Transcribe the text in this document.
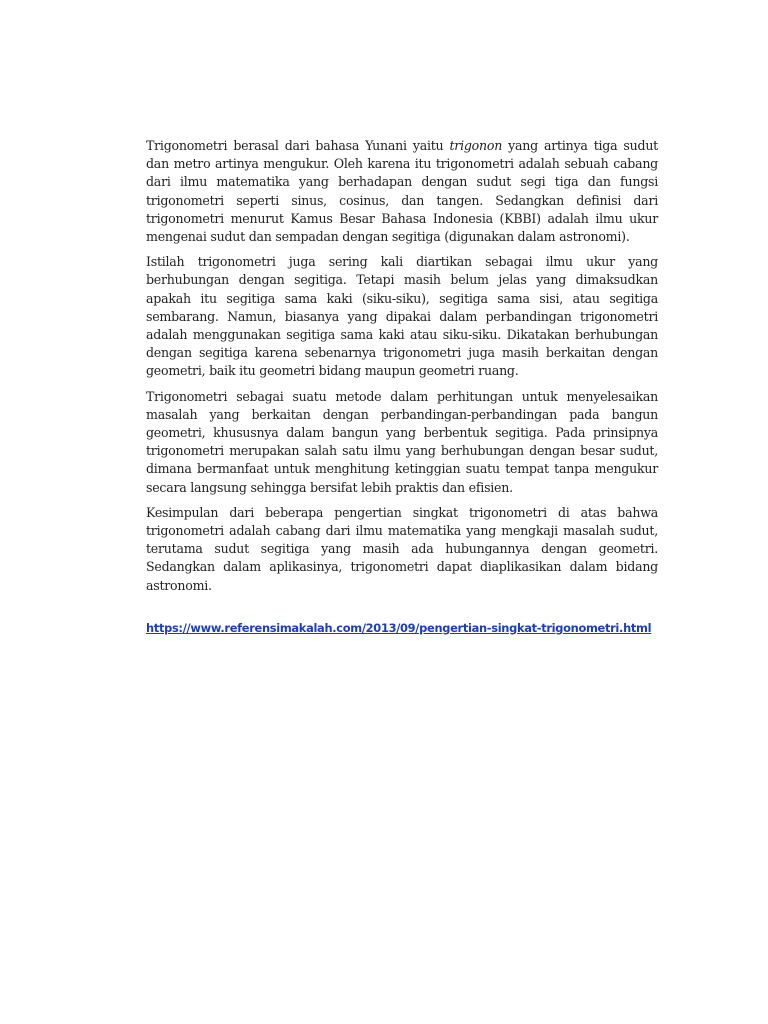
Trigonometri berasal dari bahasa Yunani yaitu trigonon yang artinya tiga sudut dan metro artinya mengukur. Oleh karena itu trigonometri adalah sebuah cabang dari ilmu matematika yang berhadapan dengan sudut segi tiga dan fungsi trigonometri seperti sinus, cosinus, dan tangen. Sedangkan definisi dari trigonometri menurut Kamus Besar Bahasa Indonesia (KBBI) adalah ilmu ukur mengenai sudut dan sempadan dengan segitiga (digunakan dalam astronomi).

Istilah trigonometri juga sering kali diartikan sebagai ilmu ukur yang berhubungan dengan segitiga. Tetapi masih belum jelas yang dimaksudkan apakah itu segitiga sama kaki (siku-siku), segitiga sama sisi, atau segitiga sembarang. Namun, biasanya yang dipakai dalam perbandingan trigonometri adalah menggunakan segitiga sama kaki atau siku-siku. Dikatakan berhubungan dengan segitiga karena sebenarnya trigonometri juga masih berkaitan dengan geometri, baik itu geometri bidang maupun geometri ruang.

Trigonometri sebagai suatu metode dalam perhitungan untuk menyelesaikan masalah yang berkaitan dengan perbandingan-perbandingan pada bangun geometri, khususnya dalam bangun yang berbentuk segitiga. Pada prinsipnya trigonometri merupakan salah satu ilmu yang berhubungan dengan besar sudut, dimana bermanfaat untuk menghitung ketinggian suatu tempat tanpa mengukur secara langsung sehingga bersifat lebih praktis dan efisien.

Kesimpulan dari beberapa pengertian singkat trigonometri di atas bahwa trigonometri adalah cabang dari ilmu matematika yang mengkaji masalah sudut, terutama sudut segitiga yang masih ada hubungannya dengan geometri. Sedangkan dalam aplikasinya, trigonometri dapat diaplikasikan dalam bidang astronomi.

https://www.referensimakalah.com/2013/09/pengertian-singkat-trigonometri.html
